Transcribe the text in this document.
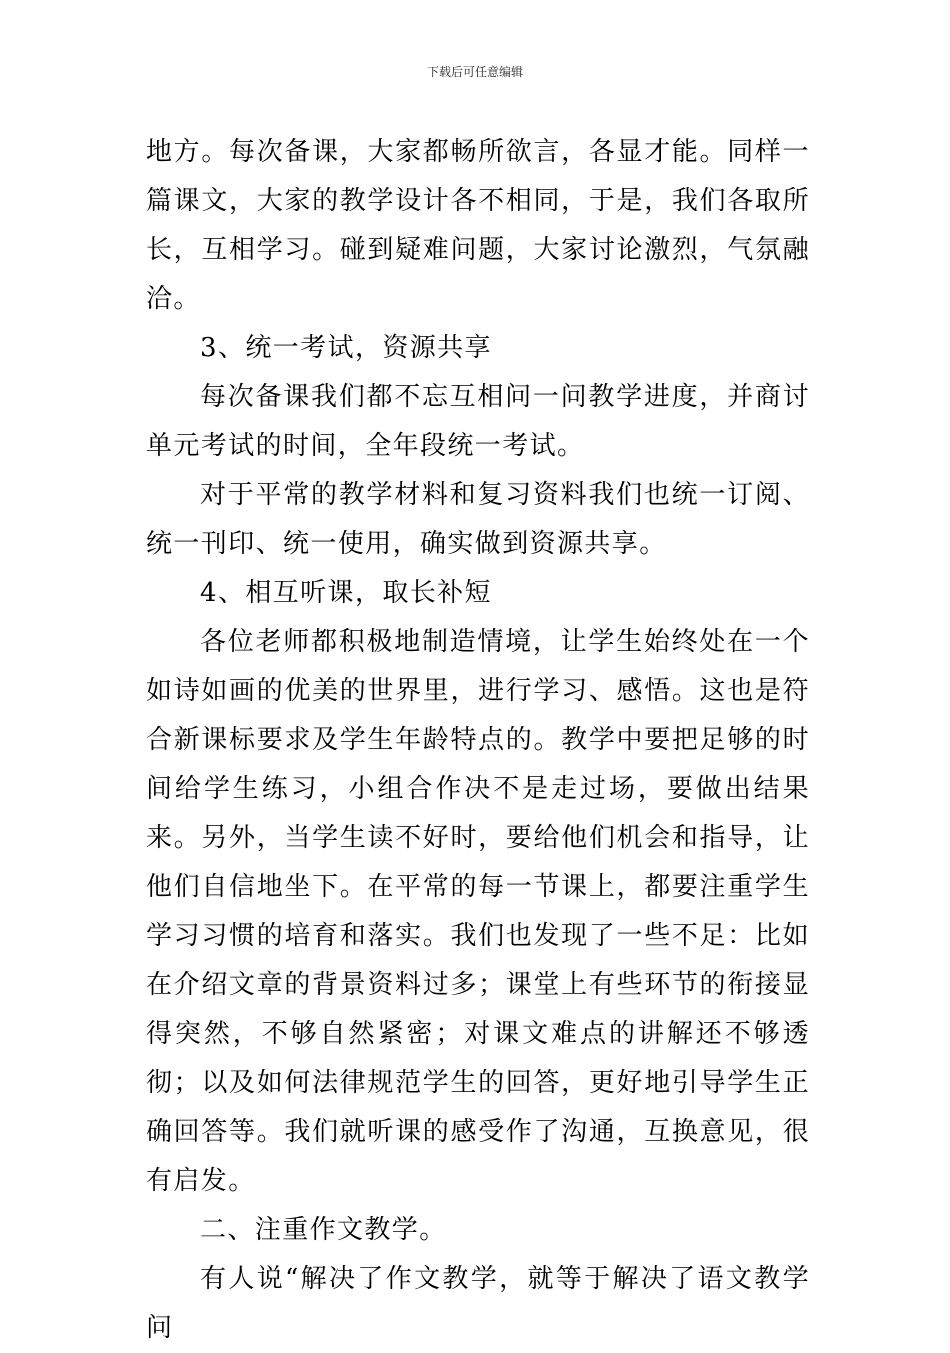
下载后可任意编辑

地方。每次备课，大家都畅所欲言，各显才能。同样一篇课文，大家的教学设计各不相同，于是，我们各取所长，互相学习。碰到疑难问题，大家讨论激烈，气氛融洽。

3、统一考试，资源共享

每次备课我们都不忘互相问一问教学进度，并商讨单元考试的时间，全年段统一考试。

对于平常的教学材料和复习资料我们也统一订阅、统一刊印、统一使用，确实做到资源共享。

4、相互听课，取长补短

各位老师都积极地制造情境，让学生始终处在一个如诗如画的优美的世界里，进行学习、感悟。这也是符合新课标要求及学生年龄特点的。教学中要把足够的时间给学生练习，小组合作决不是走过场，要做出结果来。另外，当学生读不好时，要给他们机会和指导，让他们自信地坐下。在平常的每一节课上，都要注重学生学习习惯的培育和落实。我们也发现了一些不足：比如在介绍文章的背景资料过多；课堂上有些环节的衔接显得突然，不够自然紧密；对课文难点的讲解还不够透彻；以及如何法律规范学生的回答，更好地引导学生正确回答等。我们就听课的感受作了沟通，互换意见，很有启发。

二、注重作文教学。

有人说“解决了作文教学，就等于解决了语文教学问
